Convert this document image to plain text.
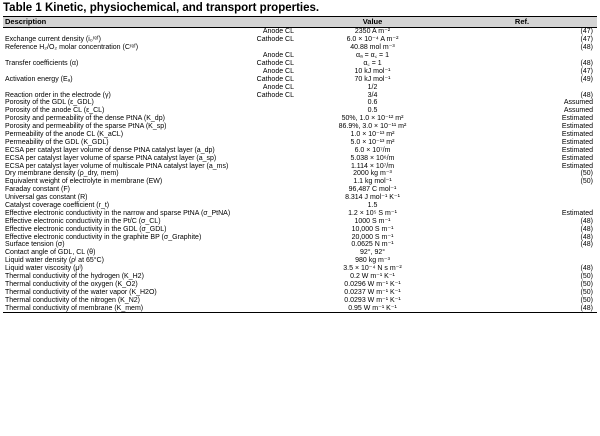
Table 1 Kinetic, physiochemical, and transport properties.
Description		Value	Ref.
	Anode CL	2350 A m⁻²	(47)
Exchange current density (i₀ʳᵉᶠ)	Cathode CL	6.0 × 10⁻⁴ A m⁻²	(47)
Reference H₂/O₂ molar concentration (Cʳᵉᶠ)		40.88 mol m⁻³	(48)
	Anode CL	αₐ = α꜀ = 1	
Transfer coefficients (α)	Cathode CL	α꜀ = 1	(48)
	Anode CL	10 kJ mol⁻¹	(47)
Activation energy (Eₐ)	Cathode CL	70 kJ mol⁻¹	(49)
	Anode CL	1/2	
Reaction order in the electrode (γ)	Cathode CL	3/4	(48)
Porosity of the GDL (ε_GDL)		0.6	Assumed
Porosity of the anode CL (ε_CL)		0.5	Assumed
Porosity and permeability of the dense PtNA (K_dp)		50%, 1.0 × 10⁻¹² m²	Estimated
Porosity and permeability of the sparse PtNA (K_sp)		86.9%, 3.0 × 10⁻¹¹ m²	Estimated
Permeability of the anode CL (K_aCL)		1.0 × 10⁻¹³ m²	Estimated
Permeability of the GDL (K_GDL)		5.0 × 10⁻¹³ m²	Estimated
ECSA per catalyst layer volume of dense PtNA catalyst layer (a_dp)		6.0 × 10⁷/m	Estimated
ECSA per catalyst layer volume of sparse PtNA catalyst layer (a_sp)		5.038 × 10⁶/m	Estimated
ECSA per catalyst layer volume of multiscale PtNA catalyst layer (a_ms)		1.114 × 10⁷/m	Estimated
Dry membrane density (ρ_dry, mem)		2000 kg m⁻³	(50)
Equivalent weight of electrolyte in membrane (EW)		1.1 kg mol⁻¹	(50)
Faraday constant (F)		96,487 C mol⁻¹	
Universal gas constant (R)		8.314 J mol⁻¹ K⁻¹	
Catalyst coverage coefficient (r_t)		1.5	
Effective electronic conductivity in the narrow and sparse PtNA (σ_PtNA)		1.2 × 10⁵ S m⁻¹	Estimated
Effective electronic conductivity in the Pt/C (σ_CL)		1000 S m⁻¹	(48)
Effective electronic conductivity in the GDL (σ_GDL)		10,000 S m⁻¹	(48)
Effective electronic conductivity in the graphite BP (σ_Graphite)		20,000 S m⁻¹	(48)
Surface tension (σ)		0.0625 N m⁻¹	(48)
Contact angle of GDL, CL (θ)		92°, 92°	
Liquid water density (ρˡ at 65°C)		980 kg m⁻³	
Liquid water viscosity (μˡ)		3.5 × 10⁻⁴ N s m⁻²	(48)
Thermal conductivity of the hydrogen (K_H2)		0.2 W m⁻¹ K⁻¹	(50)
Thermal conductivity of the oxygen (K_O2)		0.0296 W m⁻¹ K⁻¹	(50)
Thermal conductivity of the water vapor (K_H2O)		0.0237 W m⁻¹ K⁻¹	(50)
Thermal conductivity of the nitrogen (K_N2)		0.0293 W m⁻¹ K⁻¹	(50)
Thermal conductivity of membrane (K_mem)		0.95 W m⁻¹ K⁻¹	(48)
